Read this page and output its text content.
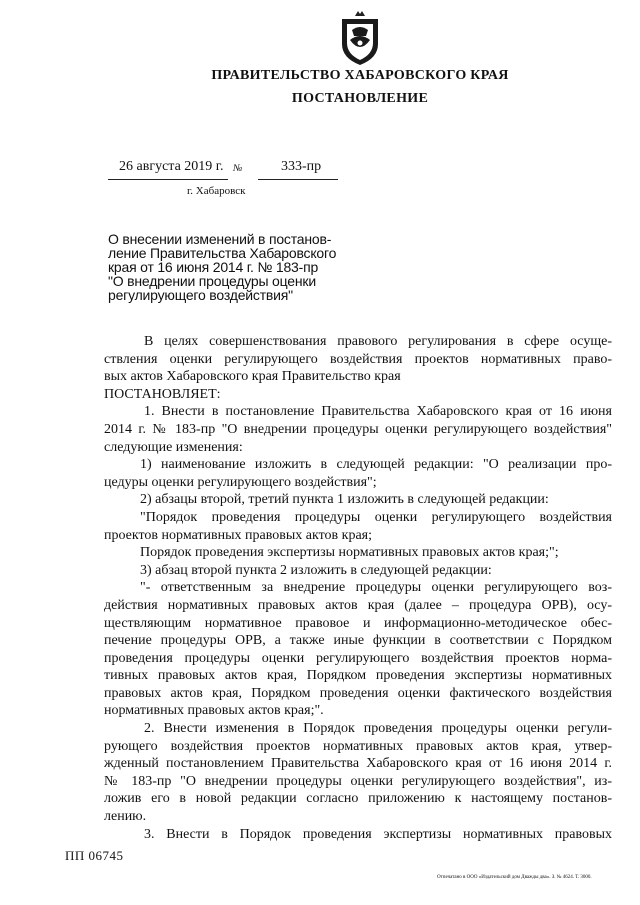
ПРАВИТЕЛЬСТВО ХАБАРОВСКОГО КРАЯ
ПОСТАНОВЛЕНИЕ
26 августа 2019 г. №	333-пр
г. Хабаровск
О внесении изменений в постанов-
ление Правительства Хабаровского
края от 16 июня 2014 г. № 183-пр
"О внедрении процедуры оценки
регулирующего воздействия"
В целях совершенствования правового регулирования в сфере осуще-
ствления оценки регулирующего воздействия проектов нормативных право-
вых актов Хабаровского края Правительство края
ПОСТАНОВЛЯЕТ:
1. Внести в постановление Правительства Хабаровского края от 16 июня
2014 г. № 183-пр "О внедрении процедуры оценки регулирующего воздействия"
следующие изменения:
1) наименование изложить в следующей редакции: "О реализации про-
цедуры оценки регулирующего воздействия";
2) абзацы второй, третий пункта 1 изложить в следующей редакции:
"Порядок проведения процедуры оценки регулирующего воздействия
проектов нормативных правовых актов края;
Порядок проведения экспертизы нормативных правовых актов края;";
3) абзац второй пункта 2 изложить в следующей редакции:
"- ответственным за внедрение процедуры оценки регулирующего воз-
действия нормативных правовых актов края (далее – процедура ОРВ), осу-
ществляющим нормативное правовое и информационно-методическое обес-
печение процедуры ОРВ, а также иные функции в соответствии с Порядком
проведения процедуры оценки регулирующего воздействия проектов норма-
тивных правовых актов края, Порядком проведения экспертизы нормативных
правовых актов края, Порядком проведения оценки фактического воздействия
нормативных правовых актов края;".
2. Внести изменения в Порядок проведения процедуры оценки регули-
рующего воздействия проектов нормативных правовых актов края, утвер-
жденный постановлением Правительства Хабаровского края от 16 июня 2014 г.
№ 183-пр "О внедрении процедуры оценки регулирующего воздействия", из-
ложив его в новой редакции согласно приложению к настоящему постанов-
лению.
3. Внести в Порядок проведения экспертизы нормативных правовых
ПП 06745
Отпечатано в ООО «Издательский дом Дважды два». З. № 4624. Т. 3000.
